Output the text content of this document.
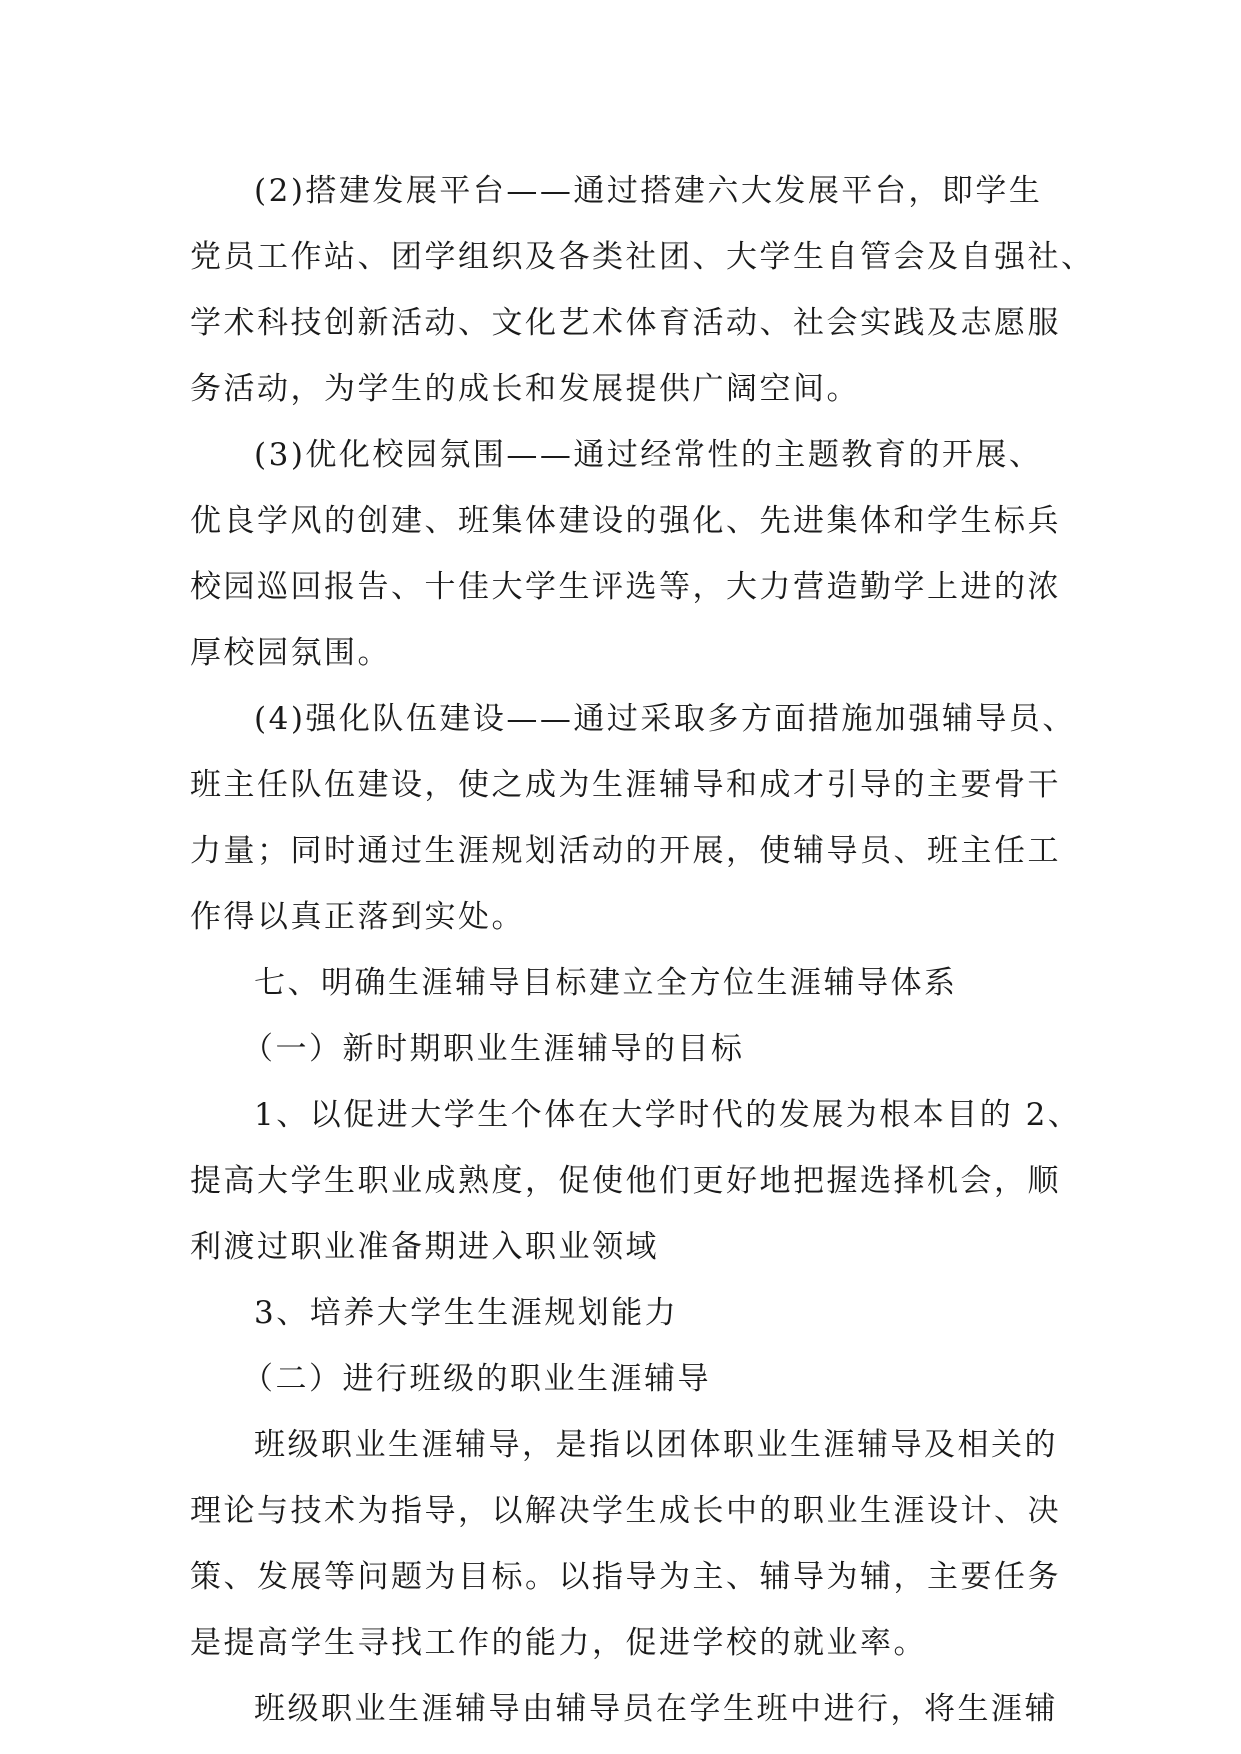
(2)搭建发展平台——通过搭建六大发展平台，即学生
党员工作站、团学组织及各类社团、大学生自管会及自强社、
学术科技创新活动、文化艺术体育活动、社会实践及志愿服
务活动，为学生的成长和发展提供广阔空间。
(3)优化校园氛围——通过经常性的主题教育的开展、
优良学风的创建、班集体建设的强化、先进集体和学生标兵
校园巡回报告、十佳大学生评选等，大力营造勤学上进的浓
厚校园氛围。
(4)强化队伍建设——通过采取多方面措施加强辅导员、
班主任队伍建设，使之成为生涯辅导和成才引导的主要骨干
力量；同时通过生涯规划活动的开展，使辅导员、班主任工
作得以真正落到实处。
七、明确生涯辅导目标建立全方位生涯辅导体系
（一）新时期职业生涯辅导的目标
1、以促进大学生个体在大学时代的发展为根本目的 2、
提高大学生职业成熟度，促使他们更好地把握选择机会，顺
利渡过职业准备期进入职业领域
3、培养大学生生涯规划能力
（二）进行班级的职业生涯辅导
班级职业生涯辅导，是指以团体职业生涯辅导及相关的
理论与技术为指导，以解决学生成长中的职业生涯设计、决
策、发展等问题为目标。以指导为主、辅导为辅，主要任务
是提高学生寻找工作的能力，促进学校的就业率。
班级职业生涯辅导由辅导员在学生班中进行，将生涯辅
